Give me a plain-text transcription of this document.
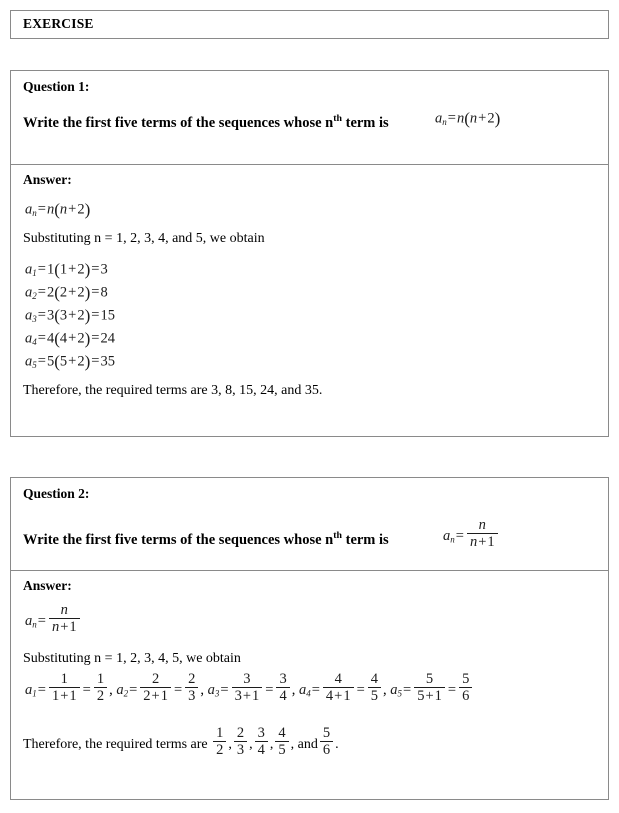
EXERCISE
Question 1:
Write the first five terms of the sequences whose $n^{th}$ term is	$a_n=n(n+2)$
Answer:
$a_n=n(n+2)$
Substituting n = 1, 2, 3, 4, and 5, we obtain
$a_1=1(1+2)=3$
$a_2=2(2+2)=8$
$a_3=3(3+2)=15$
$a_4=4(4+2)=24$
$a_5=5(5+2)=35$
Therefore, the required terms are 3, 8, 15, 24, and 35.
Question 2:
Write the first five terms of the sequences whose $n^{th}$ term is	$a_n= \frac{n}{n+1}$
Answer:
$a_n= \frac{n}{n+1}$
Substituting n = 1, 2, 3, 4, 5, we obtain
$a_1= \frac{1}{1+1} = \frac{1}{2}$ , $a_2= \frac{2}{2+1} = \frac{2}{3}$ , $a_3= \frac{3}{3+1} = \frac{3}{4}$ , $a_4= \frac{4}{4+1} = \frac{4}{5}$ , $a_5= \frac{5}{5+1} = \frac{5}{6}$
Therefore, the required terms are $\frac{1}{2}$ , $\frac{2}{3}$ , $\frac{3}{4}$ , $\frac{4}{5}$ , and $\frac{5}{6}$ .
